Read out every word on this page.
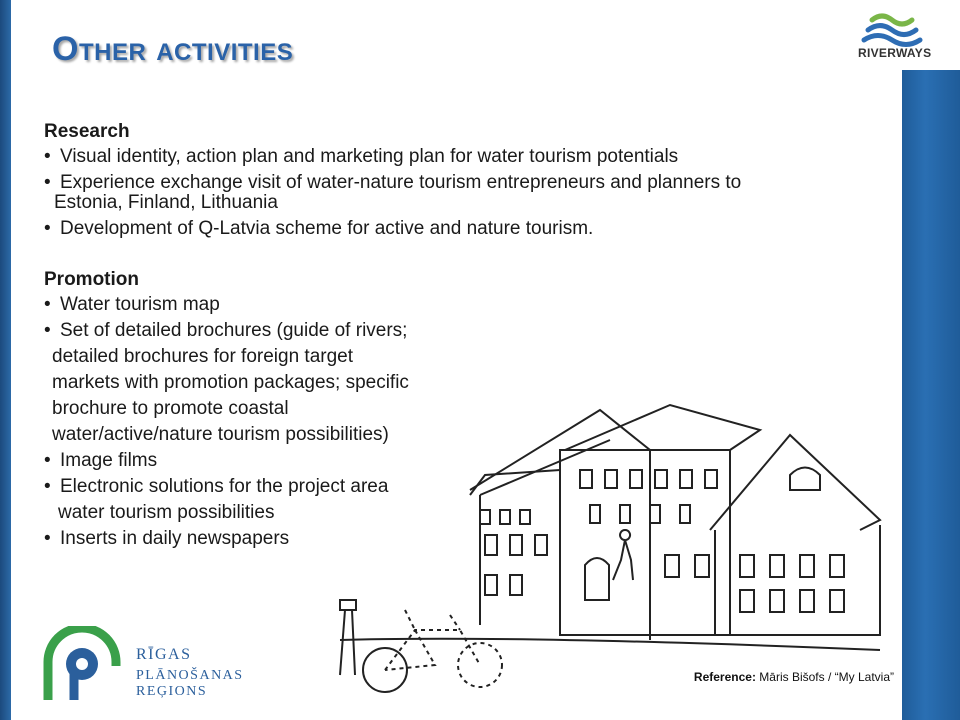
Other activities	RIVERWAYS

Research

• Visual identity, action plan and marketing plan for water tourism potentials

• Experience exchange visit of water-nature tourism entrepreneurs and planners to
Estonia, Finland, Lithuania

• Development of Q-Latvia scheme for active and nature tourism.

Promotion

• Water tourism map

• Set of detailed brochures (guide of rivers;

detailed brochures for foreign target

markets with promotion packages; specific

brochure to promote coastal

water/active/nature tourism possibilities)

• Image films

• Electronic solutions for the project area

water tourism possibilities

• Inserts in daily newspapers

RĪGAS
PLĀNOŠANAS REĢIONS
Reference: Māris Bišofs / “My Latvia”
